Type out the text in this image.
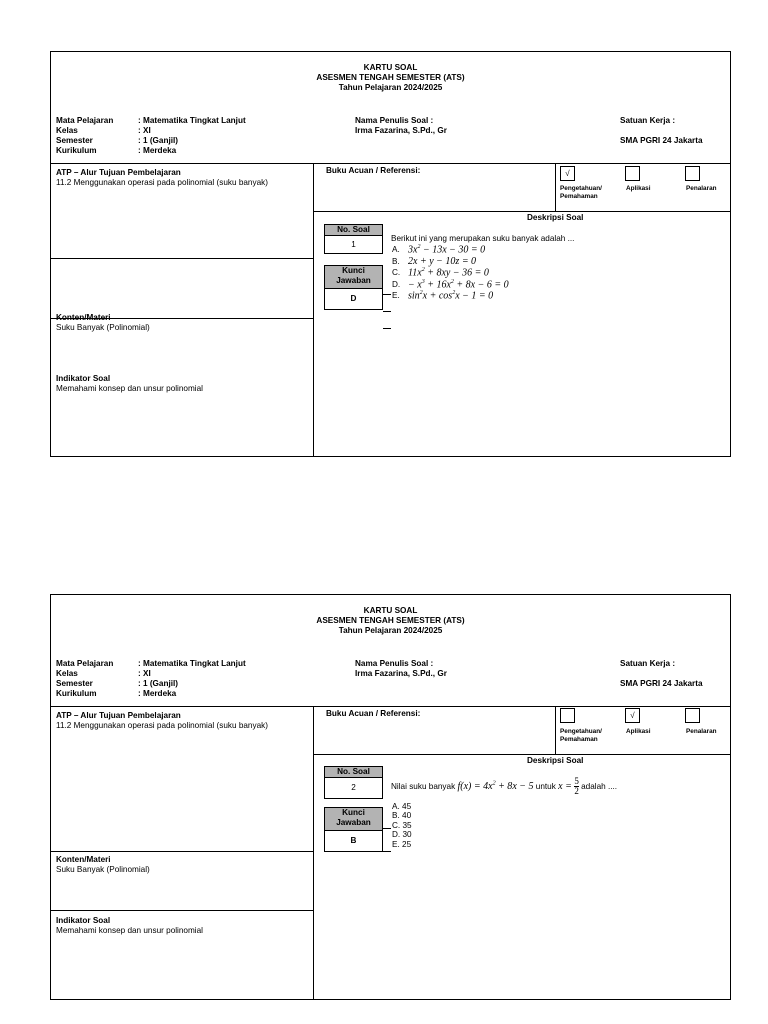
KARTU SOAL
ASESMEN TENGAH SEMESTER (ATS)
Tahun Pelajaran 2024/2025
Mata Pelajaran	: Matematika Tingkat Lanjut
Kelas	: XI
Semester	: 1 (Ganjil)
Kurikulum	: Merdeka
Nama Penulis Soal :
Irma Fazarina, S.Pd., Gr
Satuan Kerja :
SMA PGRI 24 Jakarta
ATP – Alur Tujuan Pembelajaran
11.2 Menggunakan operasi pada polinomial (suku banyak)
Konten/Materi
Suku Banyak (Polinomial)
Indikator Soal
Memahami konsep dan unsur polinomial
Buku Acuan / Referensi:	√
Pengetahuan/
Pemahaman
Aplikasi	Penalaran
Deskripsi Soal
No. Soal
1
Kunci
Jawaban
D
Berikut ini yang merupakan suku banyak adalah ...
A. $3x^2 - 13x - 30 = 0$
B. 2x + y − 10z = 0
C. $11x^2 + 8xy - 36 = 0$
D. − $x^3 + 16x^2 + 8x - 6 = 0$
E. $\sin^2x + \cos^2x - 1 = 0$
KARTU SOAL
ASESMEN TENGAH SEMESTER (ATS)
Tahun Pelajaran 2024/2025
Mata Pelajaran	: Matematika Tingkat Lanjut
Kelas	: XI
Semester	: 1 (Ganjil)
Kurikulum	: Merdeka
Nama Penulis Soal :
Irma Fazarina, S.Pd., Gr
Satuan Kerja :
SMA PGRI 24 Jakarta
ATP – Alur Tujuan Pembelajaran
11.2 Menggunakan operasi pada polinomial (suku banyak)
Konten/Materi
Suku Banyak (Polinomial)
Indikator Soal
Memahami konsep dan unsur polinomial
Buku Acuan / Referensi:
Pengetahuan/
Pemahaman
√
Aplikasi	Penalaran
Deskripsi Soal
No. Soal
2
Kunci
Jawaban
B
Nilai suku banyak $f(x) = 4x^2 + 8x - 5$ untuk $x = \frac{5}{2}$ adalah ....
A. 45
B. 40
C. 35
D. 30
E. 25
